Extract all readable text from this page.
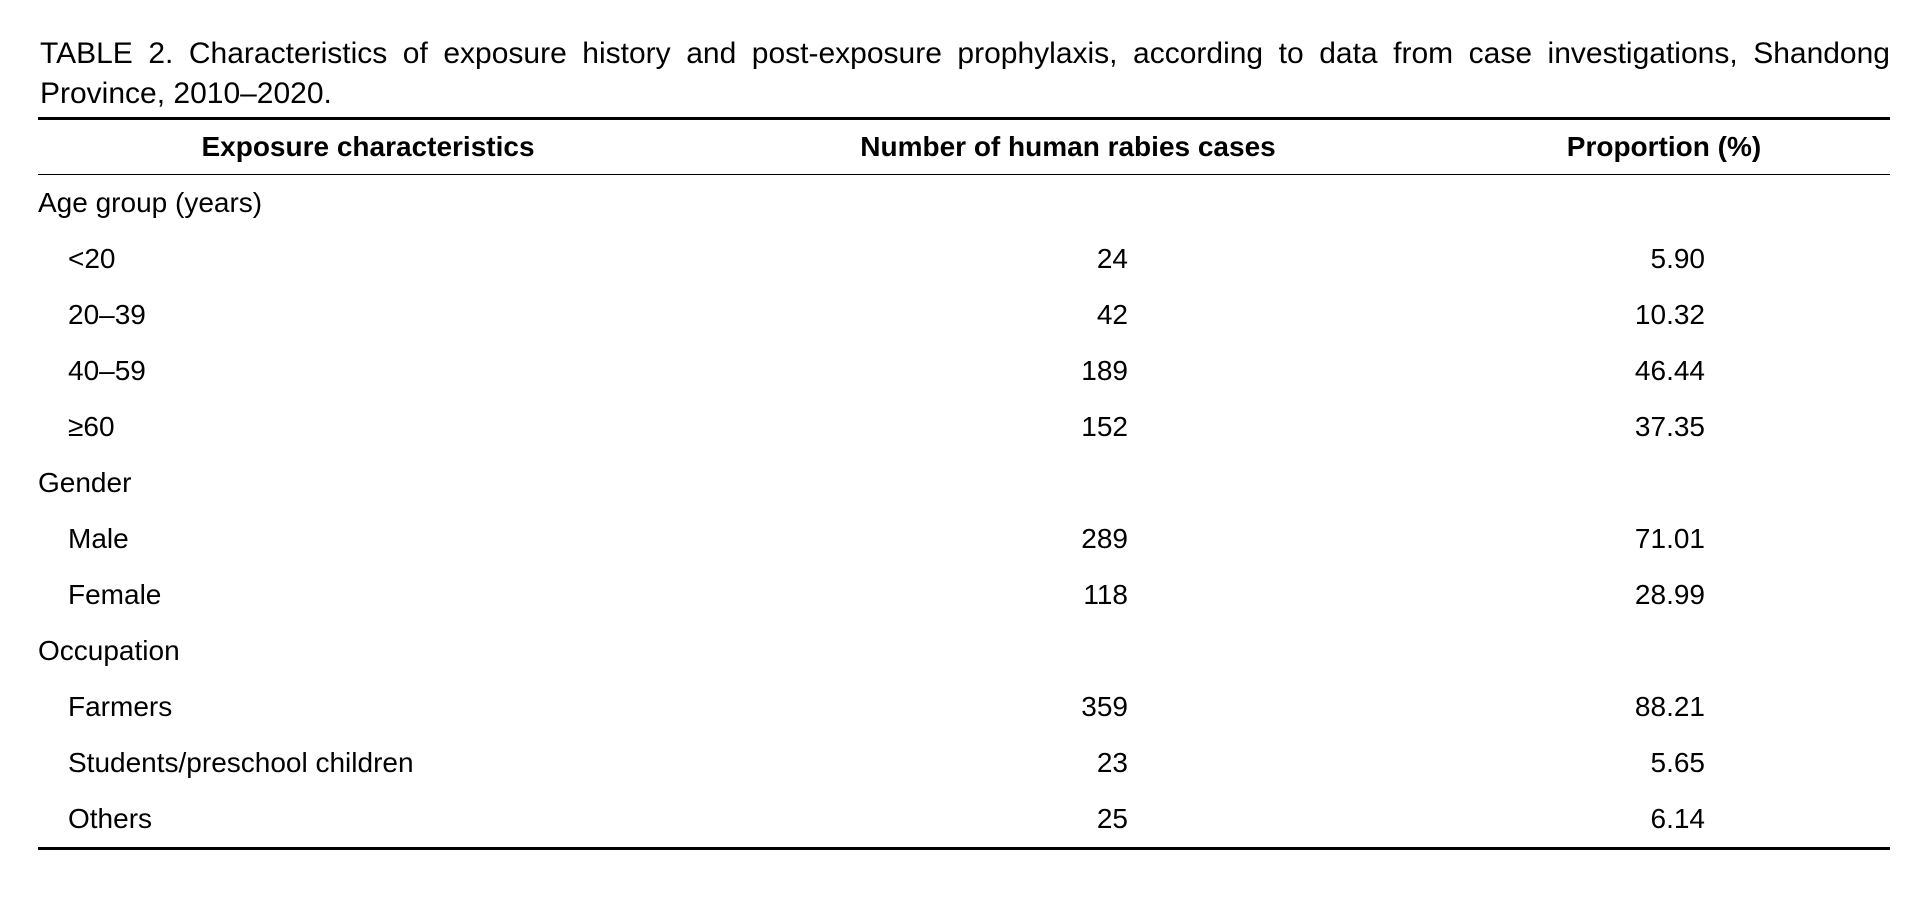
TABLE 2. Characteristics of exposure history and post-exposure prophylaxis, according to data from case investigations, Shandong Province, 2010–2020.

Exposure characteristics	Number of human rabies cases	Proportion (%)
Age group (years)		
<20	24	5.90
20–39	42	10.32
40–59	189	46.44
≥60	152	37.35
Gender		
Male	289	71.01
Female	118	28.99
Occupation		
Farmers	359	88.21
Students/preschool children	23	5.65
Others	25	6.14
